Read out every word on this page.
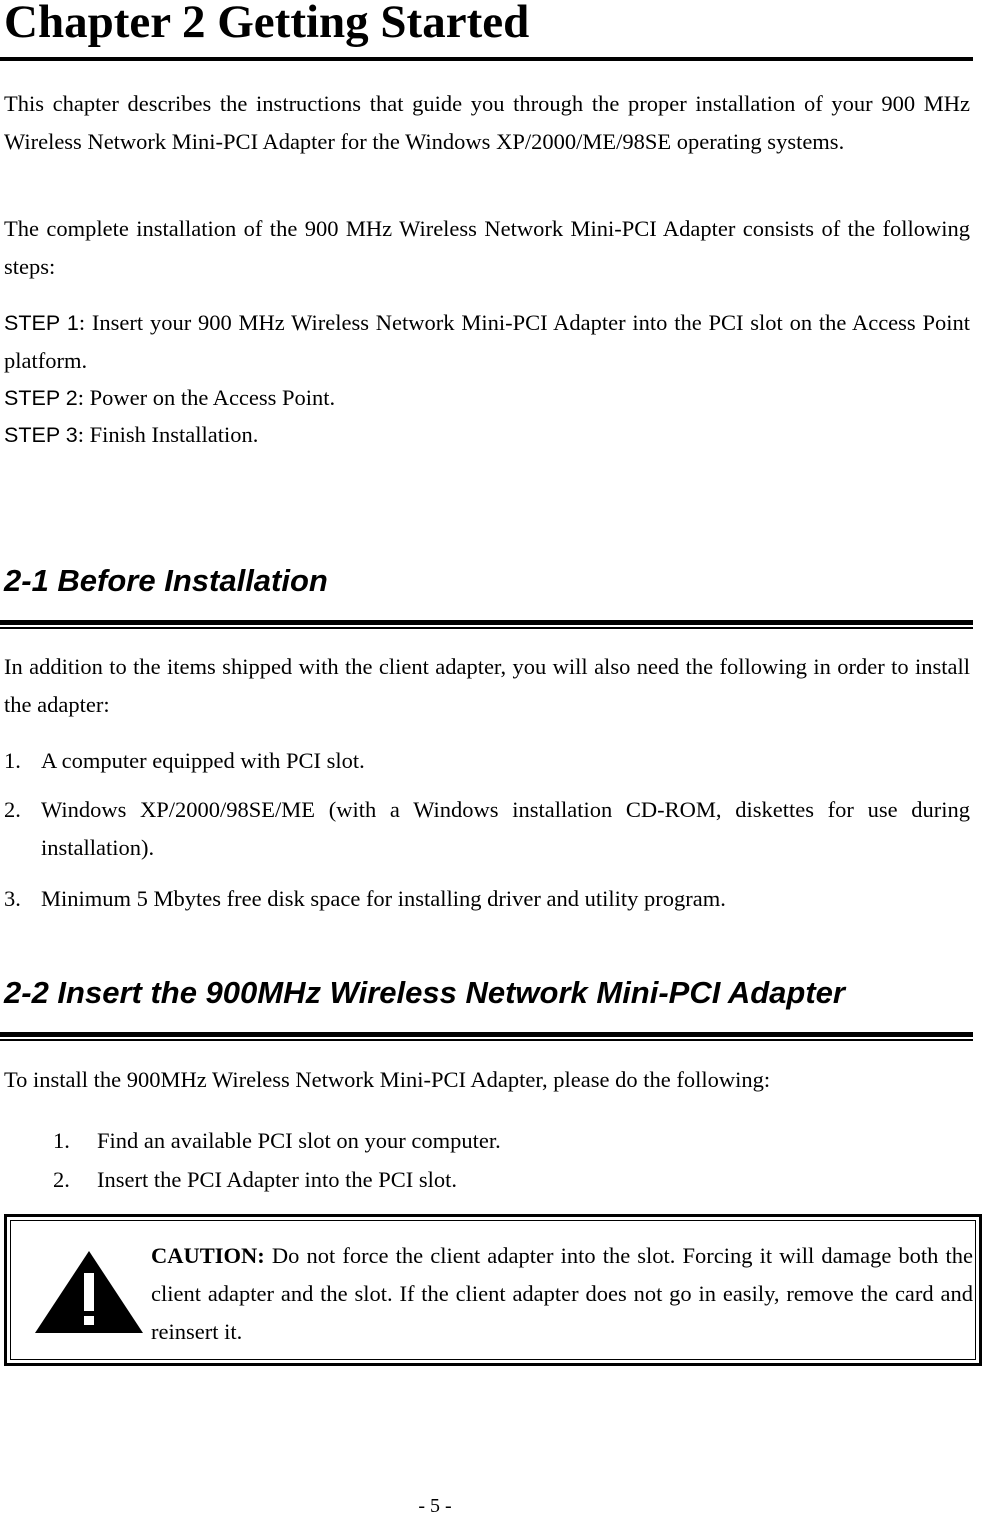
Chapter 2 Getting Started

This chapter describes the instructions that guide you through the proper installation of your 900 MHz Wireless Network Mini-PCI Adapter for the Windows XP/2000/ME/98SE operating systems.

The complete installation of the 900 MHz Wireless Network Mini-PCI Adapter consists of the following steps:

STEP 1: Insert your 900 MHz Wireless Network Mini-PCI Adapter into the PCI slot on the Access Point platform.

STEP 2: Power on the Access Point.

STEP 3: Finish Installation.

2-1 Before Installation

In addition to the items shipped with the client adapter, you will also need the following in order to install the adapter:

1. A computer equipped with PCI slot.
2. Windows XP/2000/98SE/ME (with a Windows installation CD-ROM, diskettes for use during installation).
3. Minimum 5 Mbytes free disk space for installing driver and utility program.
2-2 Insert the 900MHz Wireless Network Mini-PCI Adapter

To install the 900MHz Wireless Network Mini-PCI Adapter, please do the following:

1. Find an available PCI slot on your computer.
2. Insert the PCI Adapter into the PCI slot.

CAUTION: Do not force the client adapter into the slot. Forcing it will damage both the client adapter and the slot. If the client adapter does not go in easily, remove the card and reinsert it.

- 5 -
